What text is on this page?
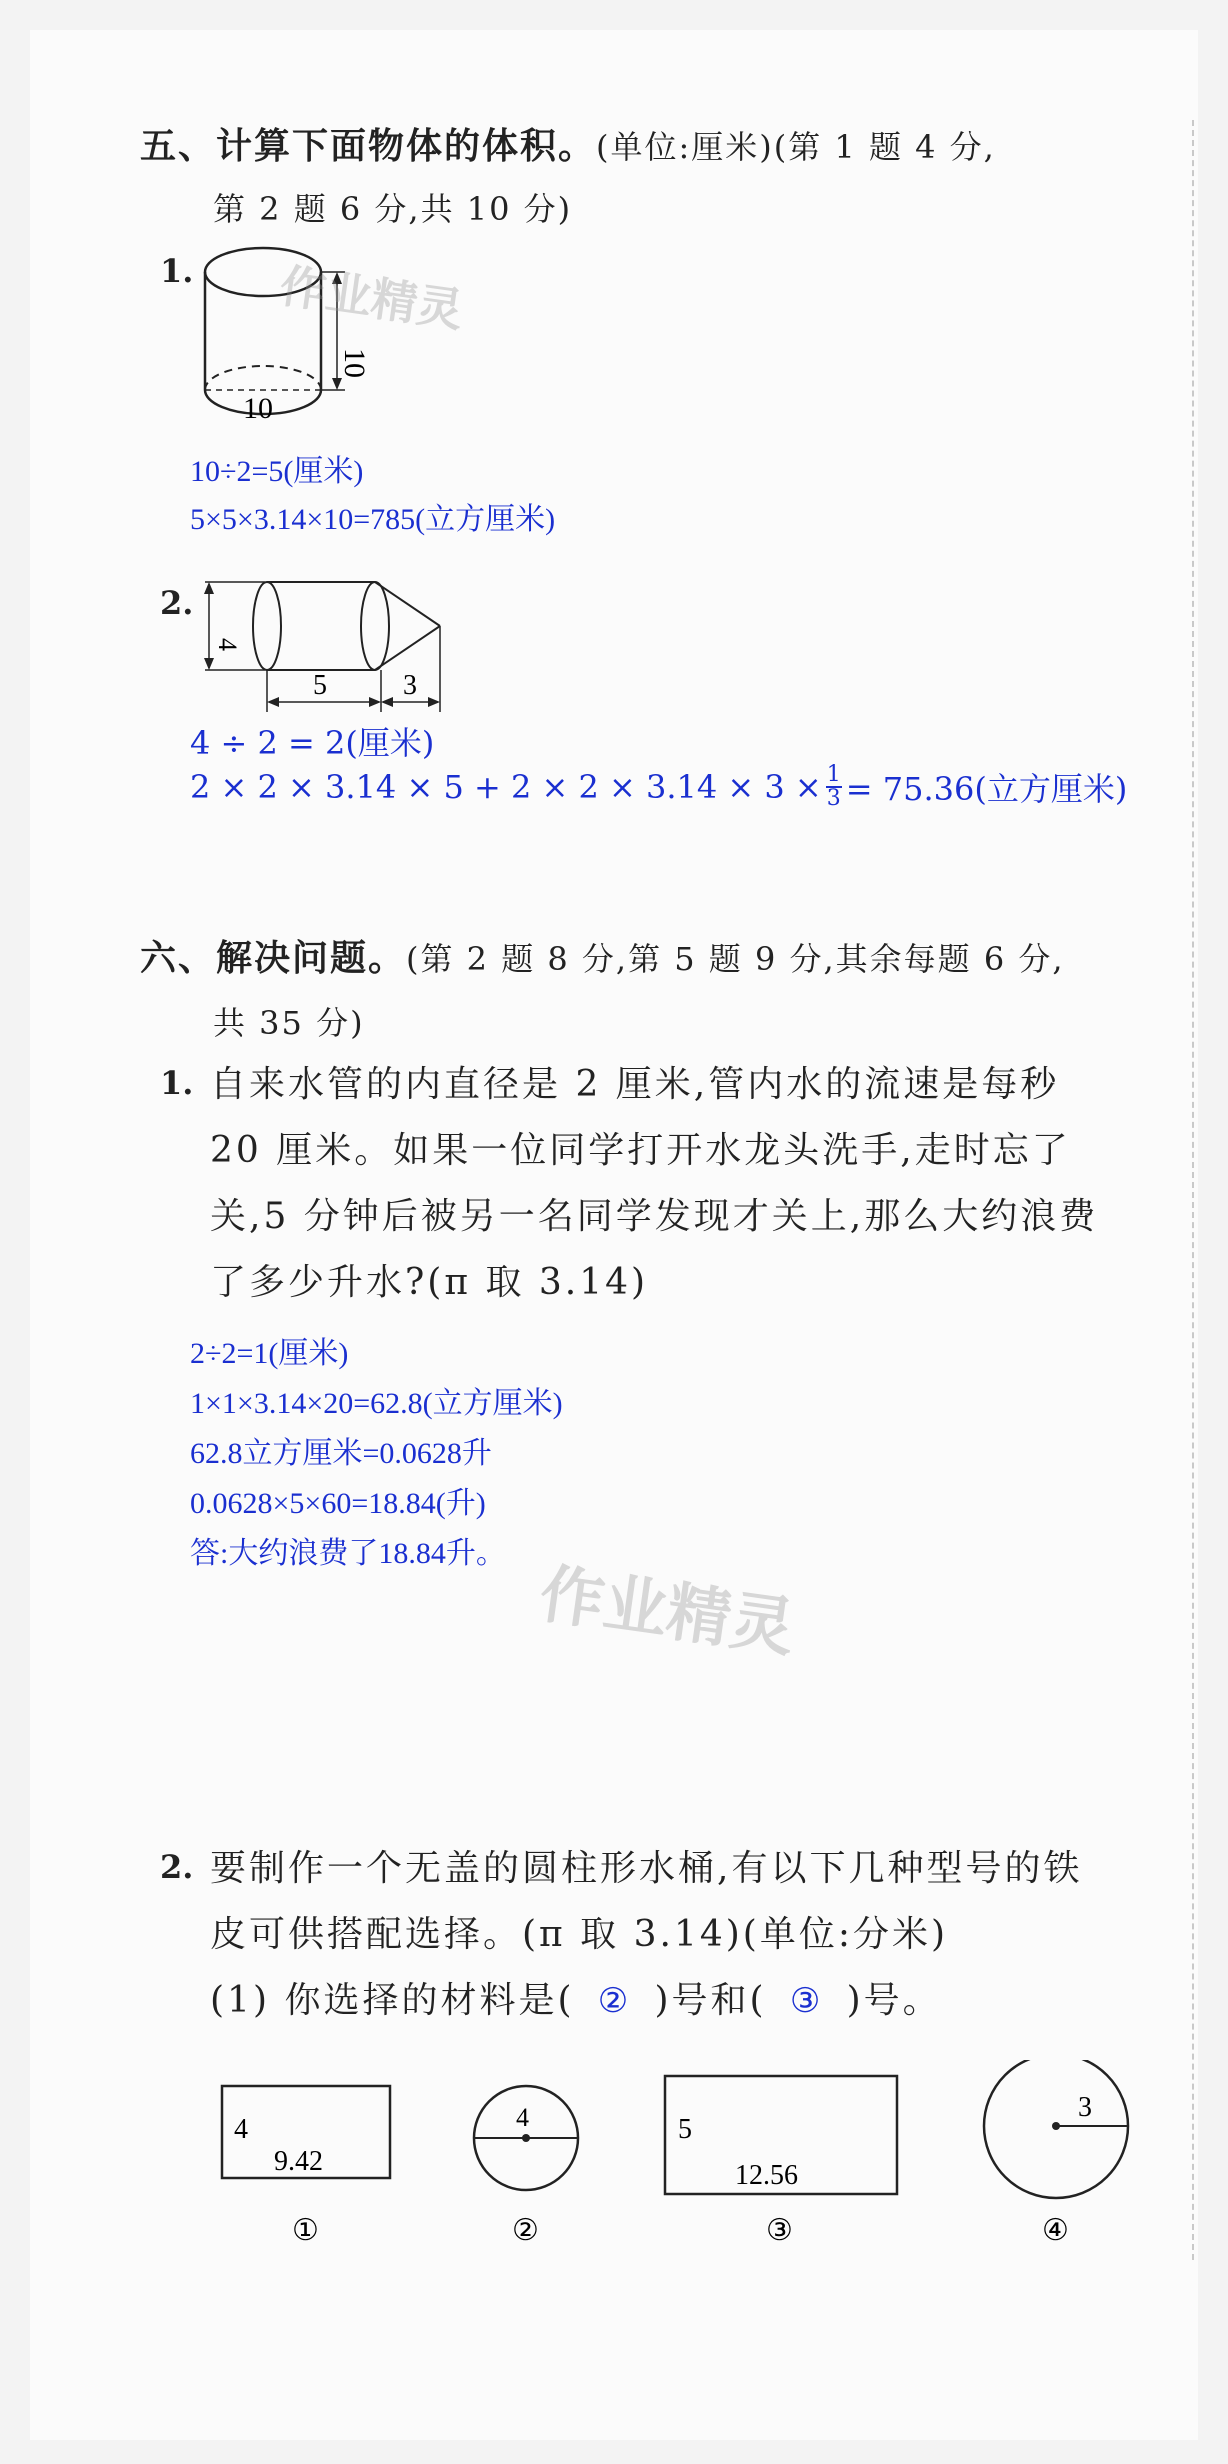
五、计算下面物体的体积。(单位:厘米)(第 1 题 4 分,
第 2 题 6 分,共 10 分)
1.
10
10
作业精灵
10÷2=5(厘米)
5×5×3.14×10=785(立方厘米)
2.
4
5	3
4 ÷ 2 = 2(厘米)
$2 \times 2 \times 3.14 \times 5 + 2 \times 2 \times 3.14 \times 3 \times \frac{1}{3} = 75.36$(立方厘米)
六、解决问题。(第 2 题 8 分,第 5 题 9 分,其余每题 6 分,
共 35 分)
1. 自来水管的内直径是 2 厘米,管内水的流速是每秒
20 厘米。如果一位同学打开水龙头洗手,走时忘了
关,5 分钟后被另一名同学发现才关上,那么大约浪费
了多少升水?(π 取 3.14)
2÷2=1(厘米)
1×1×3.14×20=62.8(立方厘米)
62.8立方厘米=0.0628升
0.0628×5×60=18.84(升)
答:大约浪费了18.84升。
作业精灵
2. 要制作一个无盖的圆柱形水桶,有以下几种型号的铁
皮可供搭配选择。(π 取 3.14)(单位:分米)
(1) 你选择的材料是( ② )号和( ③ )号。
4
9.42
①
4
②
5
12.56
③
3
④
